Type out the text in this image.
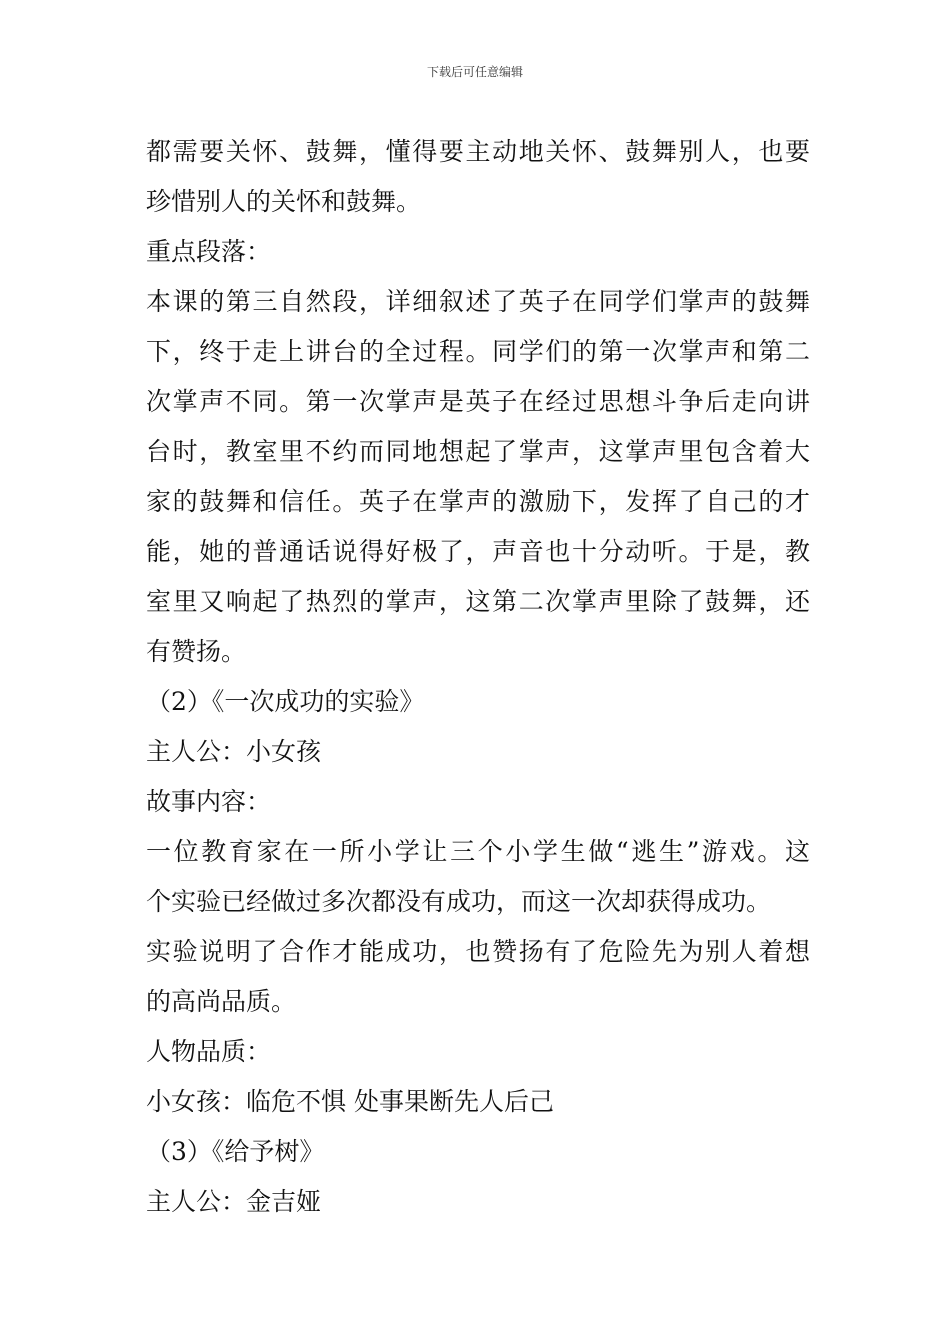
下载后可任意编辑
都需要关怀、鼓舞，懂得要主动地关怀、鼓舞别人，也要
珍惜别人的关怀和鼓舞。
重点段落：
本课的第三自然段，详细叙述了英子在同学们掌声的鼓舞
下，终于走上讲台的全过程。同学们的第一次掌声和第二
次掌声不同。第一次掌声是英子在经过思想斗争后走向讲
台时，教室里不约而同地想起了掌声，这掌声里包含着大
家的鼓舞和信任。英子在掌声的激励下，发挥了自己的才
能，她的普通话说得好极了，声音也十分动听。于是，教
室里又响起了热烈的掌声，这第二次掌声里除了鼓舞，还
有赞扬。
（2）《一次成功的实验》
主人公：小女孩
故事内容：
一位教育家在一所小学让三个小学生做“逃生”游戏。这
个实验已经做过多次都没有成功，而这一次却获得成功。
实验说明了合作才能成功，也赞扬有了危险先为别人着想
的高尚品质。
人物品质：
小女孩：临危不惧 处事果断先人后己
（3）《给予树》
主人公：金吉娅
